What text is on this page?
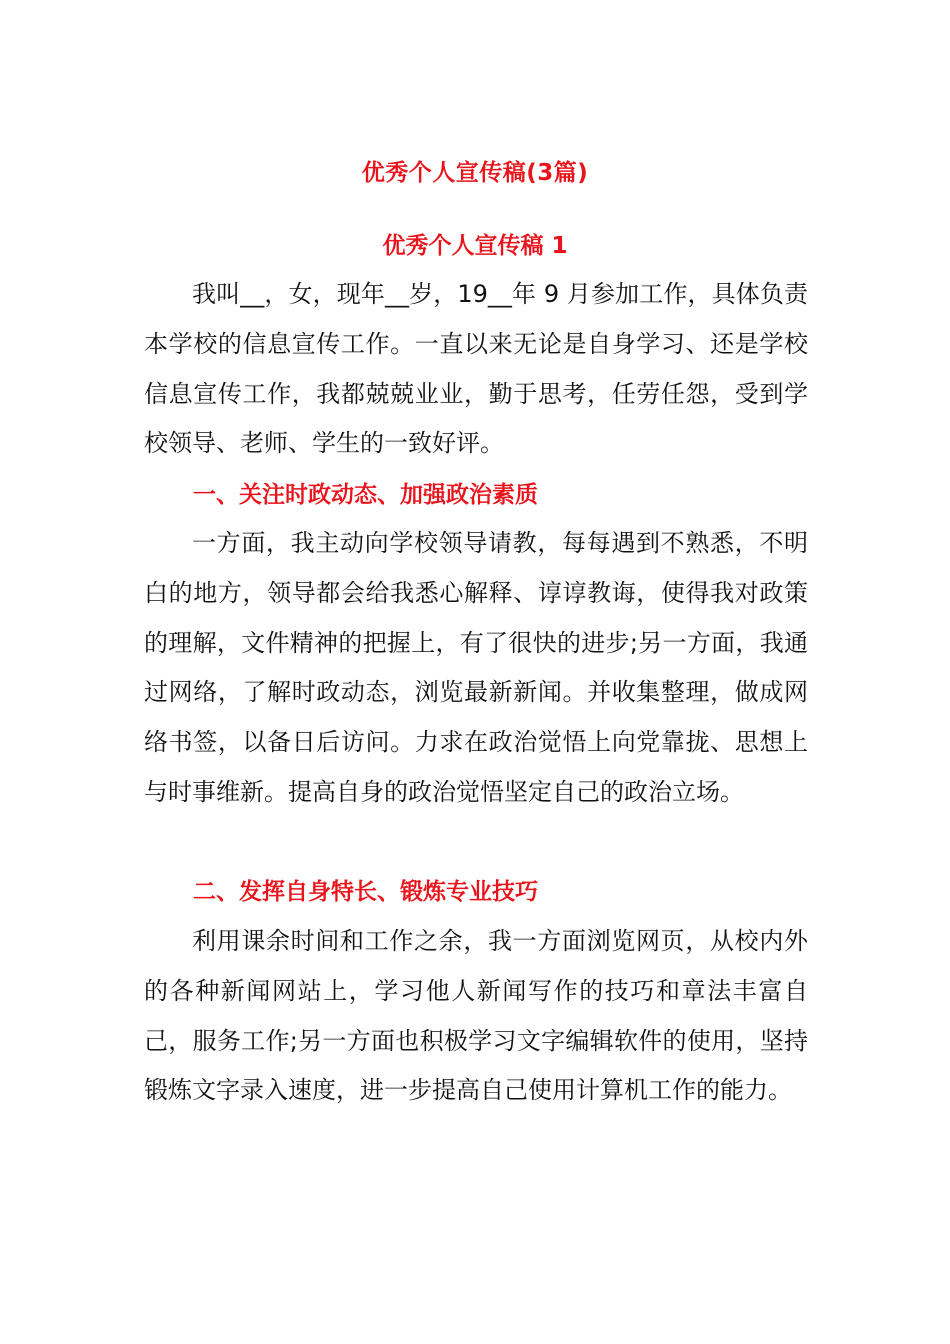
优秀个人宣传稿(3篇)
优秀个人宣传稿 1

我叫__，女，现年__岁，19__年 9 月参加工作，具体负责本学校的信息宣传工作。一直以来无论是自身学习、还是学校信息宣传工作，我都兢兢业业，勤于思考，任劳任怨，受到学校领导、老师、学生的一致好评。

一、关注时政动态、加强政治素质

一方面，我主动向学校领导请教，每每遇到不熟悉，不明白的地方，领导都会给我悉心解释、谆谆教诲，使得我对政策的理解，文件精神的把握上，有了很快的进步;另一方面，我通过网络，了解时政动态，浏览最新新闻。并收集整理，做成网络书签，以备日后访问。力求在政治觉悟上向党靠拢、思想上与时事维新。提高自身的政治觉悟坚定自己的政治立场。

二、发挥自身特长、锻炼专业技巧

利用课余时间和工作之余，我一方面浏览网页，从校内外的各种新闻网站上，学习他人新闻写作的技巧和章法丰富自己，服务工作;另一方面也积极学习文字编辑软件的使用，坚持锻炼文字录入速度，进一步提高自己使用计算机工作的能力。
